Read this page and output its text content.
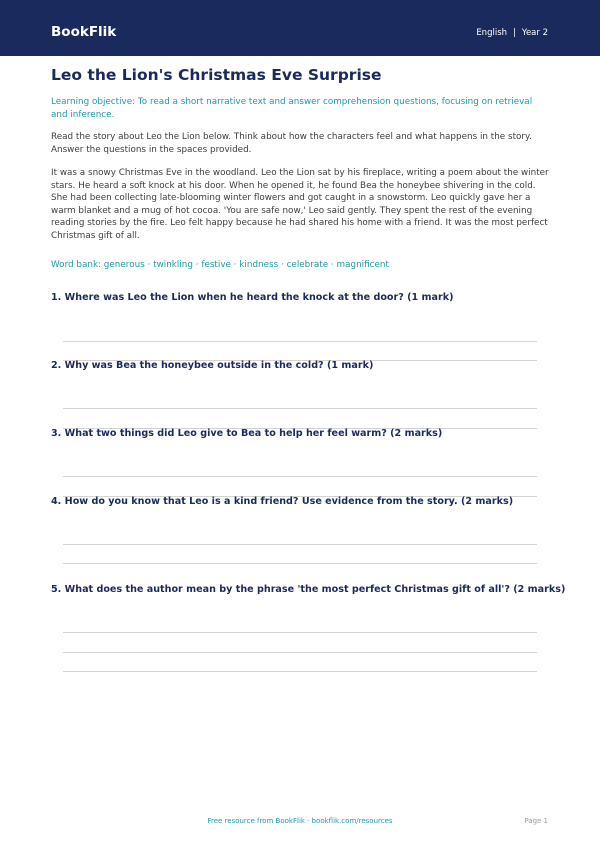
BookFlik	English | Year 2
Leo the Lion's Christmas Eve Surprise

Learning objective: To read a short narrative text and answer comprehension questions, focusing on retrieval and inference.

Read the story about Leo the Lion below. Think about how the characters feel and what happens in the story. Answer the questions in the spaces provided.

It was a snowy Christmas Eve in the woodland. Leo the Lion sat by his fireplace, writing a poem about the winter stars. He heard a soft knock at his door. When he opened it, he found Bea the honeybee shivering in the cold. She had been collecting late-blooming winter flowers and got caught in a snowstorm. Leo quickly gave her a warm blanket and a mug of hot cocoa. 'You are safe now,' Leo said gently. They spent the rest of the evening reading stories by the fire. Leo felt happy because he had shared his home with a friend. It was the most perfect Christmas gift of all.

Word bank: generous · twinkling · festive · kindness · celebrate · magnificent

1. Where was Leo the Lion when he heard the knock at the door? (1 mark)

2. Why was Bea the honeybee outside in the cold? (1 mark)

3. What two things did Leo give to Bea to help her feel warm? (2 marks)

4. How do you know that Leo is a kind friend? Use evidence from the story. (2 marks)

5. What does the author mean by the phrase 'the most perfect Christmas gift of all'? (2 marks)

Free resource from BookFlik · bookflik.com/resources	Page 1
